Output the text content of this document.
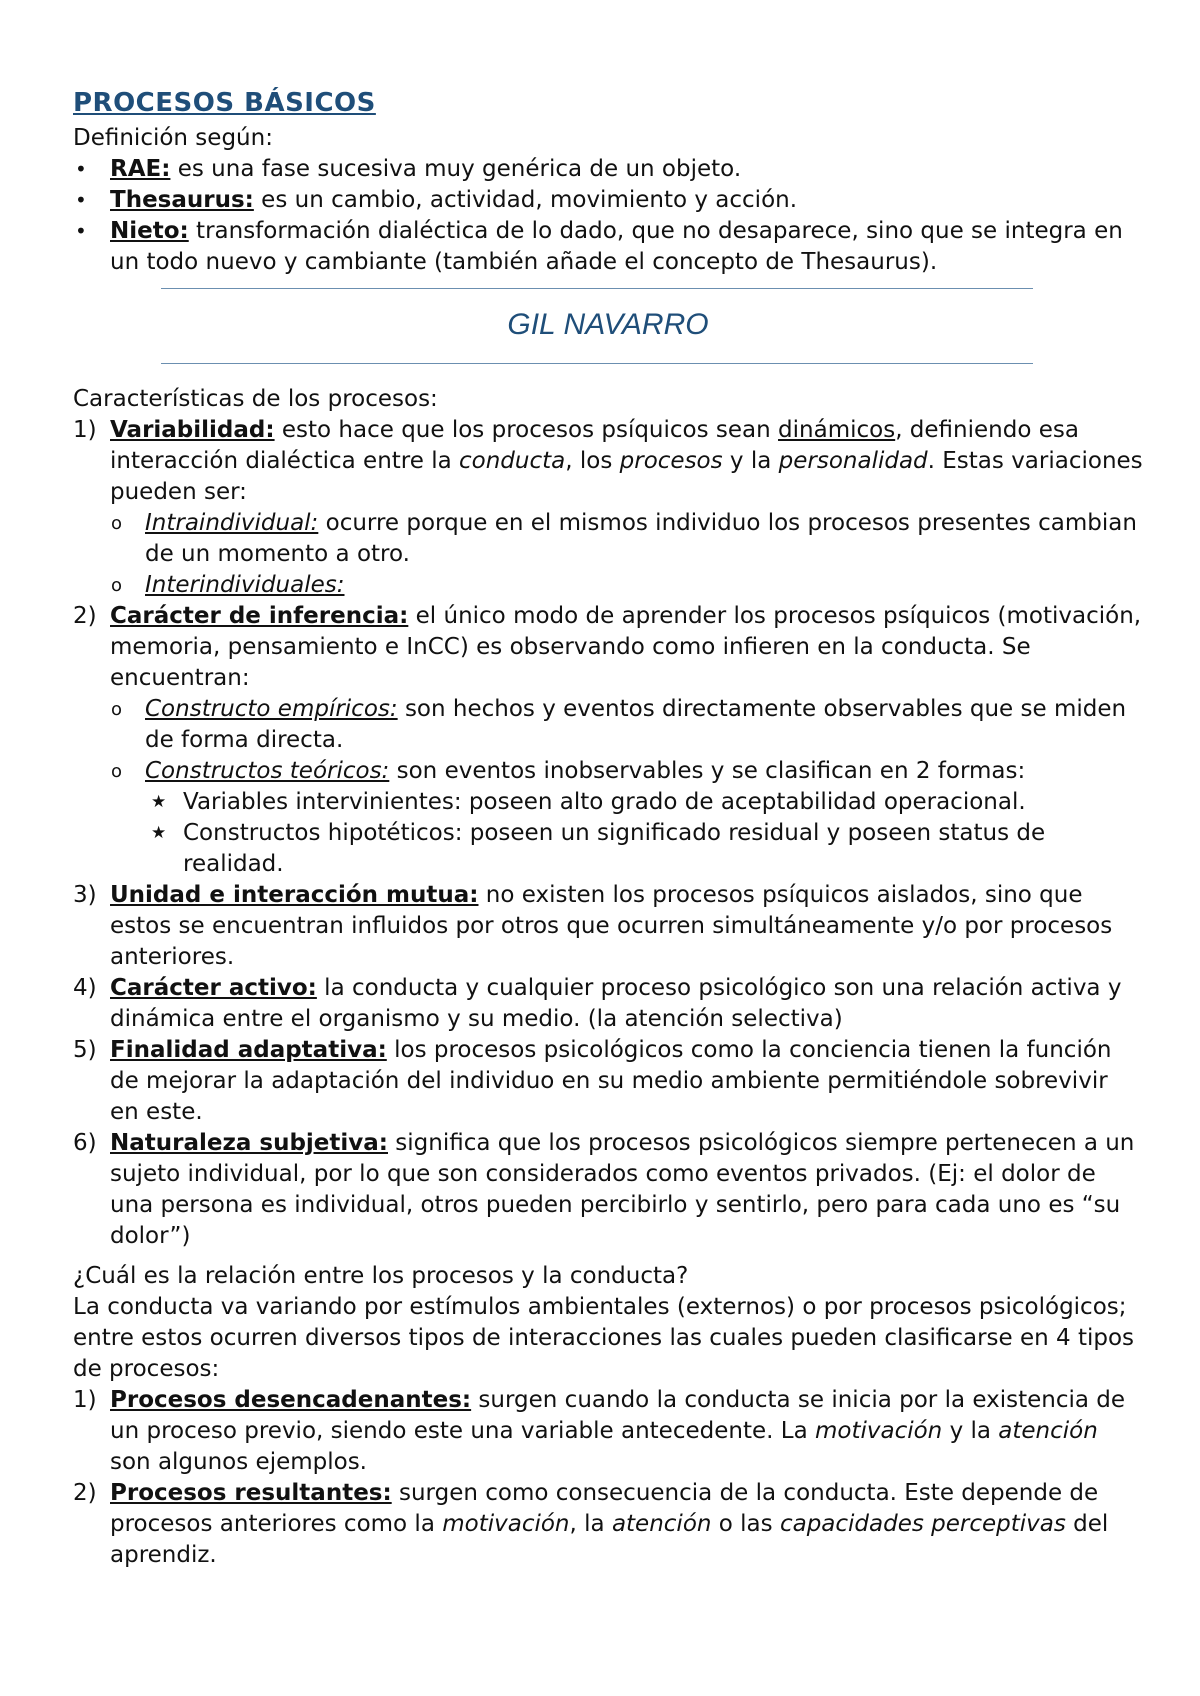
PROCESOS BÁSICOS

Definición según:

• RAE: es una fase sucesiva muy genérica de un objeto.

• Thesaurus: es un cambio, actividad, movimiento y acción.

• Nieto: transformación dialéctica de lo dado, que no desaparece, sino que se integra en un todo nuevo y cambiante (también añade el concepto de Thesaurus).

GIL NAVARRO

Características de los procesos:

1) Variabilidad: esto hace que los procesos psíquicos sean dinámicos, definiendo esa interacción dialéctica entre la conducta, los procesos y la personalidad. Estas variaciones pueden ser:

o Intraindividual: ocurre porque en el mismos individuo los procesos presentes cambian de un momento a otro.

o Interindividuales:

2) Carácter de inferencia: el único modo de aprender los procesos psíquicos (motivación, memoria, pensamiento e InCC) es observando como infieren en la conducta. Se encuentran:

o Constructo empíricos: son hechos y eventos directamente observables que se miden de forma directa.

o Constructos teóricos: son eventos inobservables y se clasifican en 2 formas:

★ Variables intervinientes: poseen alto grado de aceptabilidad operacional.

★ Constructos hipotéticos: poseen un significado residual y poseen status de realidad.

3) Unidad e interacción mutua: no existen los procesos psíquicos aislados, sino que estos se encuentran influidos por otros que ocurren simultáneamente y/o por procesos anteriores.

4) Carácter activo: la conducta y cualquier proceso psicológico son una relación activa y dinámica entre el organismo y su medio. (la atención selectiva)

5) Finalidad adaptativa: los procesos psicológicos como la conciencia tienen la función de mejorar la adaptación del individuo en su medio ambiente permitiéndole sobrevivir en este.

6) Naturaleza subjetiva: significa que los procesos psicológicos siempre pertenecen a un sujeto individual, por lo que son considerados como eventos privados. (Ej: el dolor de una persona es individual, otros pueden percibirlo y sentirlo, pero para cada uno es “su dolor”)

¿Cuál es la relación entre los procesos y la conducta?

La conducta va variando por estímulos ambientales (externos) o por procesos psicológicos; entre estos ocurren diversos tipos de interacciones las cuales pueden clasificarse en 4 tipos de procesos:

1) Procesos desencadenantes: surgen cuando la conducta se inicia por la existencia de un proceso previo, siendo este una variable antecedente. La motivación y la atención son algunos ejemplos.

2) Procesos resultantes: surgen como consecuencia de la conducta. Este depende de procesos anteriores como la motivación, la atención o las capacidades perceptivas del aprendiz.
